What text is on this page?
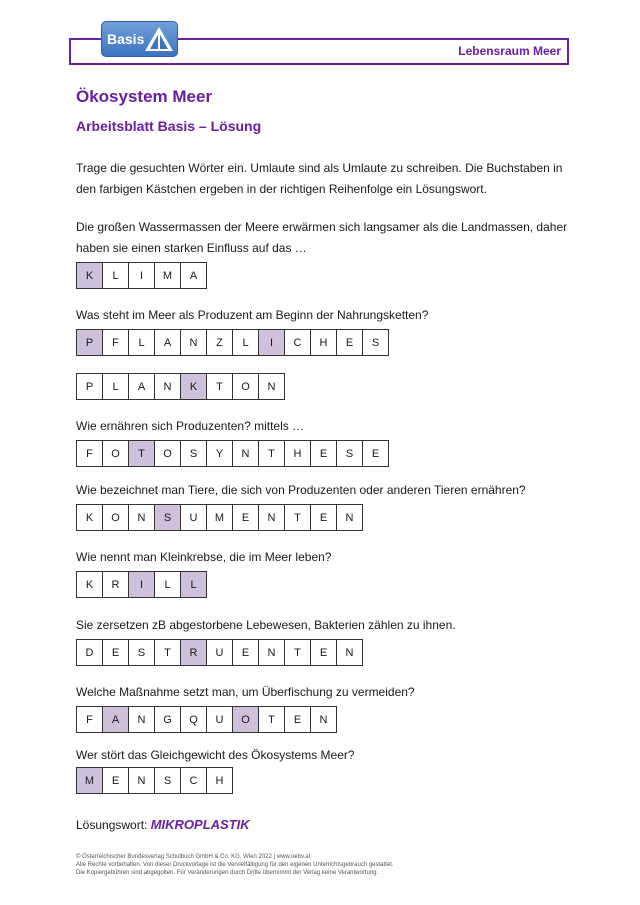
Lebensraum Meer
Basis
Ökosystem Meer
Arbeitsblatt Basis – Lösung

Trage die gesuchten Wörter ein. Umlaute sind als Umlaute zu schreiben. Die Buchstaben in
den farbigen Kästchen ergeben in der richtigen Reihenfolge ein Lösungswort.

Die großen Wassermassen der Meere erwärmen sich langsamer als die Landmassen, daher
haben sie einen starken Einfluss auf das …

K	L	I	M	A

Was steht im Meer als Produzent am Beginn der Nahrungsketten?

P	F	L	A	N	Z	L	I	C	H	E	S
P	L	A	N	K	T	O	N

Wie ernähren sich Produzenten? mittels …

F	O	T	O	S	Y	N	T	H	E	S	E

Wie bezeichnet man Tiere, die sich von Produzenten oder anderen Tieren ernähren?

K	O	N	S	U	M	E	N	T	E	N

Wie nennt man Kleinkrebse, die im Meer leben?

K	R	I	L	L

Sie zersetzen zB abgestorbene Lebewesen, Bakterien zählen zu ihnen.

D	E	S	T	R	U	E	N	T	E	N

Welche Maßnahme setzt man, um Überfischung zu vermeiden?

F	A	N	G	Q	U	O	T	E	N

Wer stört das Gleichgewicht des Ökosystems Meer?

M	E	N	S	C	H
Lösungswort: MIKROPLASTIK
© Österreichischer Bundesverlag Schulbuch GmbH & Co. KG, Wien 2022 | www.oebv.at
Alle Rechte vorbehalten. Von dieser Druckvorlage ist die Vervielfältigung für den eigenen Unterrichtsgebrauch gestattet.
Die Kopiergebühren sind abgegolten. Für Veränderungen durch Dritte übernimmt der Verlag keine Verantwortung.
